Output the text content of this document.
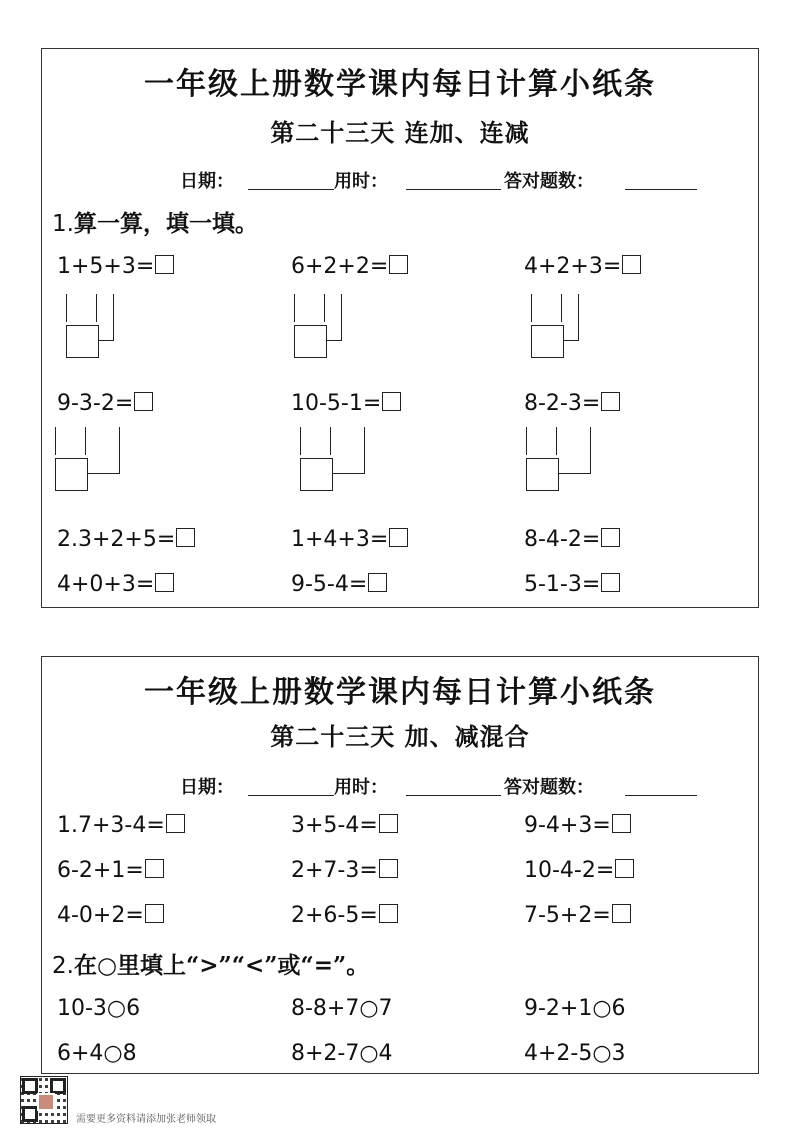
一年级上册数学课内每日计算小纸条
第二十三天 连加、连减
日期：	用时：	答对题数：
1.算一算，填一填。
1+5+3=	6+2+2=	4+2+3=
9-3-2=	10-5-1=	8-2-3=
2.3+2+5=	1+4+3=	8-4-2=
4+0+3=	9-5-4=	5-1-3=
一年级上册数学课内每日计算小纸条
第二十三天 加、减混合
日期：	用时：	答对题数：
1.7+3-4=	3+5-4=	9-4+3=
6-2+1=	2+7-3=	10-4-2=
4-0+2=	2+6-5=	7-5+2=
2.在○里填上“>”“<”或“=”。
10-3○6	8-8+7○7	9-2+1○6
6+4○8	8+2-7○4	4+2-5○3
需要更多资料请添加张老师领取
